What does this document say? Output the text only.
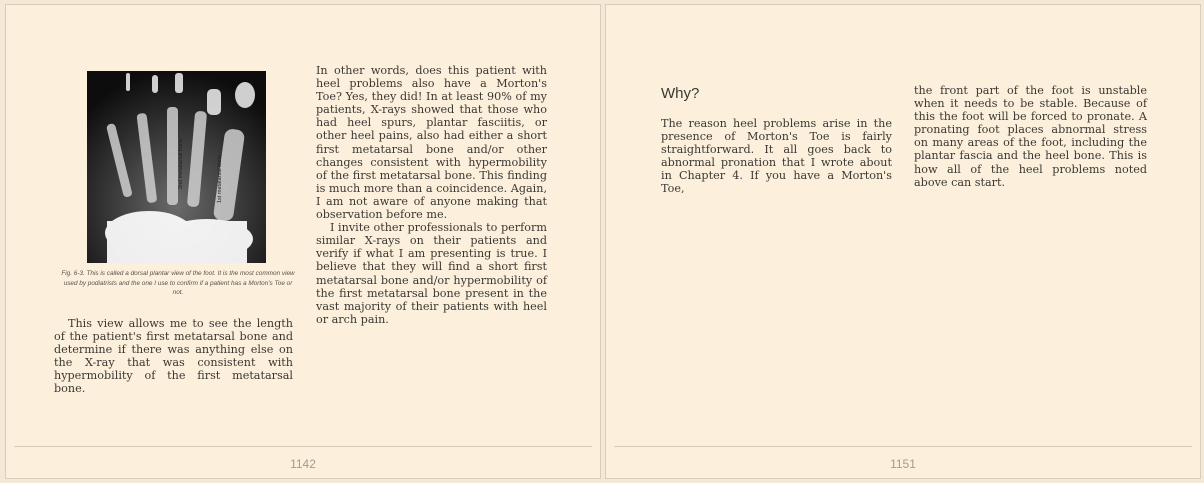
2nd metatarsal bone	1st metatarsal bone
Fig. 6-3. This is called a dorsal plantar view of the foot. It is the most common view used by podiatrists and the one I use to confirm if a patient has a Morton's Toe or not.

This view allows me to see the length of the patient's first metatarsal bone and determine if there was anything else on the X-ray that was consistent with hypermobility of the first metatarsal bone.

In other words, does this patient with heel problems also have a Morton's Toe? Yes, they did! In at least 90% of my patients, X-rays showed that those who had heel spurs, plantar fasciitis, or other heel pains, also had either a short first metatarsal bone and/or other changes consistent with hypermobility of the first metatarsal bone. This finding is much more than a coincidence. Again, I am not aware of anyone making that observation before me.

I invite other professionals to perform similar X-rays on their patients and verify if what I am presenting is true. I believe that they will find a short first metatarsal bone and/or hypermobility of the first metatarsal bone present in the vast majority of their patients with heel or arch pain.

1142
Why?

The reason heel problems arise in the presence of Morton's Toe is fairly straightforward. It all goes back to abnormal pronation that I wrote about in Chapter 4. If you have a Morton's Toe,

the front part of the foot is unstable when it needs to be stable. Because of this the foot will be forced to pronate. A pronating foot places abnormal stress on many areas of the foot, including the plantar fascia and the heel bone. This is how all of the heel problems noted above can start.

1151
